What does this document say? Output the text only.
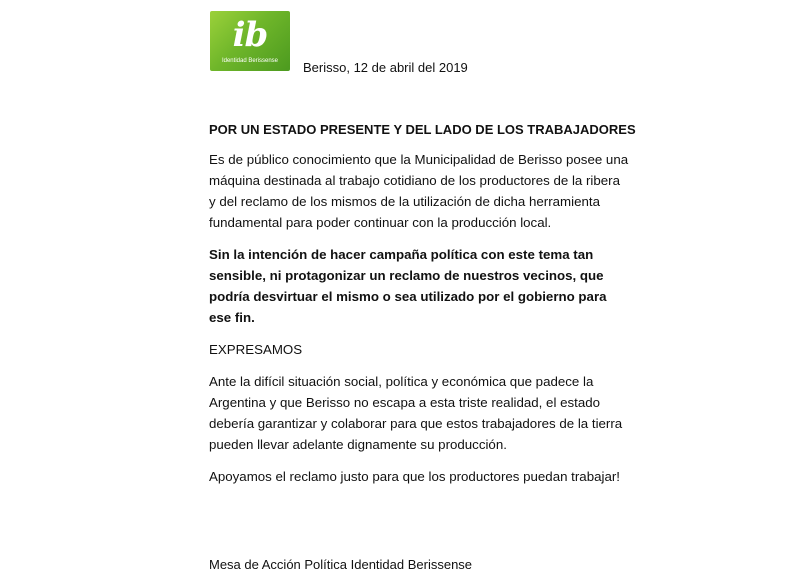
ib
Identidad Berissense	Berisso, 12 de abril del 2019
POR UN ESTADO PRESENTE Y DEL LADO DE LOS TRABAJADORES

Es de público conocimiento que la Municipalidad de Berisso posee una máquina destinada al trabajo cotidiano de los productores de la ribera y del reclamo de los mismos de la utilización de dicha herramienta fundamental para poder continuar con la producción local.

Sin la intención de hacer campaña política con este tema tan sensible, ni protagonizar un reclamo de nuestros vecinos, que podría desvirtuar el mismo o sea utilizado por el gobierno para ese fin.

EXPRESAMOS

Ante la difícil situación social, política y económica que padece la Argentina y que Berisso no escapa a esta triste realidad, el estado debería garantizar y colaborar para que estos trabajadores de la tierra pueden llevar adelante dignamente su producción.

Apoyamos el reclamo justo para que los productores puedan trabajar!

Mesa de Acción Política Identidad Berissense
